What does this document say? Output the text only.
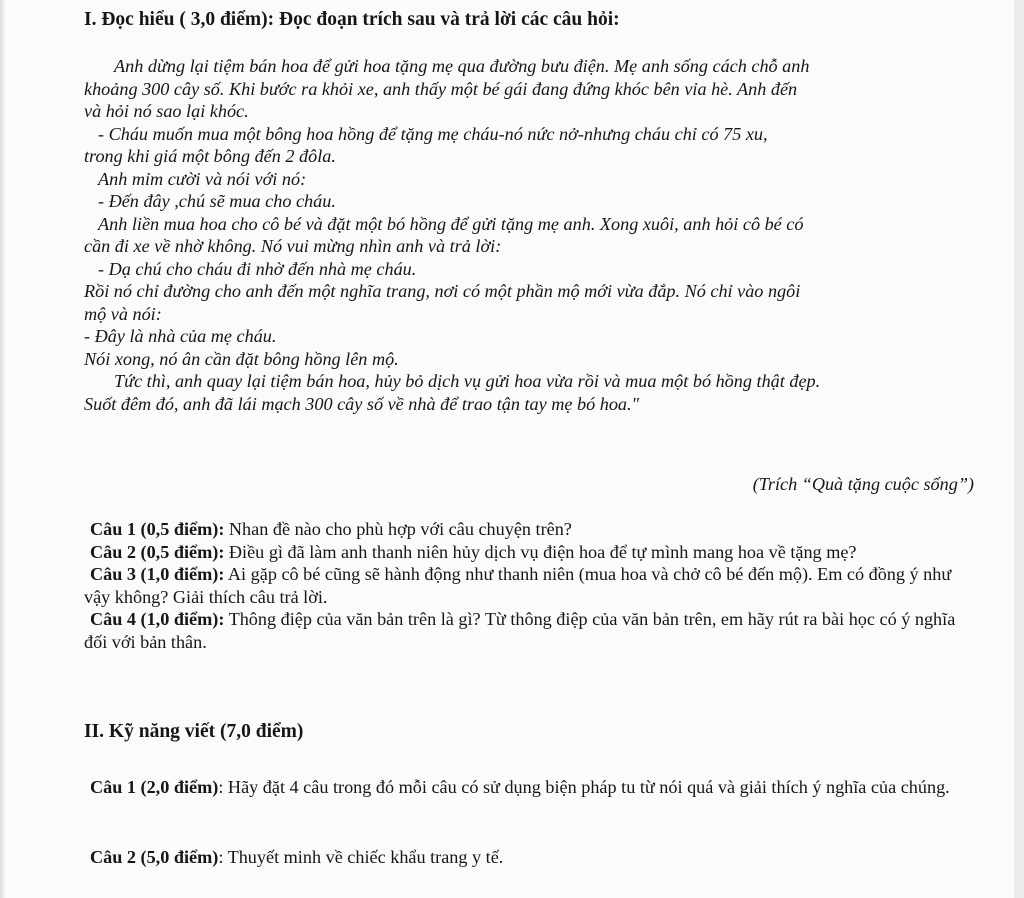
I. Đọc hiểu ( 3,0 điểm): Đọc đoạn trích sau và trả lời các câu hỏi:

Anh dừng lại tiệm bán hoa để gửi hoa tặng mẹ qua đường bưu điện. Mẹ anh sống cách chỗ anh

khoảng 300 cây số. Khi bước ra khỏi xe, anh thấy một bé gái đang đứng khóc bên vỉa hè. Anh đến

và hỏi nó sao lại khóc.

- Cháu muốn mua một bông hoa hồng để tặng mẹ cháu-nó nức nở-nhưng cháu chỉ có 75 xu,

trong khi giá một bông đến 2 đôla.

Anh mỉm cười và nói với nó:

- Đến đây ,chú sẽ mua cho cháu.

Anh liền mua hoa cho cô bé và đặt một bó hồng để gửi tặng mẹ anh. Xong xuôi, anh hỏi cô bé có

cần đi xe về nhờ không. Nó vui mừng nhìn anh và trả lời:

- Dạ chú cho cháu đi nhờ đến nhà mẹ cháu.

Rồi nó chỉ đường cho anh đến một nghĩa trang, nơi có một phần mộ mới vừa đắp. Nó chỉ vào ngôi

mộ và nói:

- Đây là nhà của mẹ cháu.

Nói xong, nó ân cần đặt bông hồng lên mộ.

Tức thì, anh quay lại tiệm bán hoa, hủy bỏ dịch vụ gửi hoa vừa rồi và mua một bó hồng thật đẹp.

Suốt đêm đó, anh đã lái mạch 300 cây số về nhà để trao tận tay mẹ bó hoa."

(Trích “Quà tặng cuộc sống”)

Câu 1 (0,5 điểm): Nhan đề nào cho phù hợp với câu chuyện trên?

Câu 2 (0,5 điểm): Điều gì đã làm anh thanh niên hủy dịch vụ điện hoa để tự mình mang hoa về tặng mẹ?

Câu 3 (1,0 điểm): Ai gặp cô bé cũng sẽ hành động như thanh niên (mua hoa và chở cô bé đến mộ). Em có đồng ý như vậy không? Giải thích câu trả lời.

Câu 4 (1,0 điểm): Thông điệp của văn bản trên là gì? Từ thông điệp của văn bản trên, em hãy rút ra bài học có ý nghĩa đối với bản thân.

II. Kỹ năng viết (7,0 điểm)

Câu 1 (2,0 điểm): Hãy đặt 4 câu trong đó mỗi câu có sử dụng biện pháp tu từ nói quá và giải thích ý nghĩa của chúng.

Câu 2 (5,0 điểm): Thuyết minh về chiếc khẩu trang y tế.
